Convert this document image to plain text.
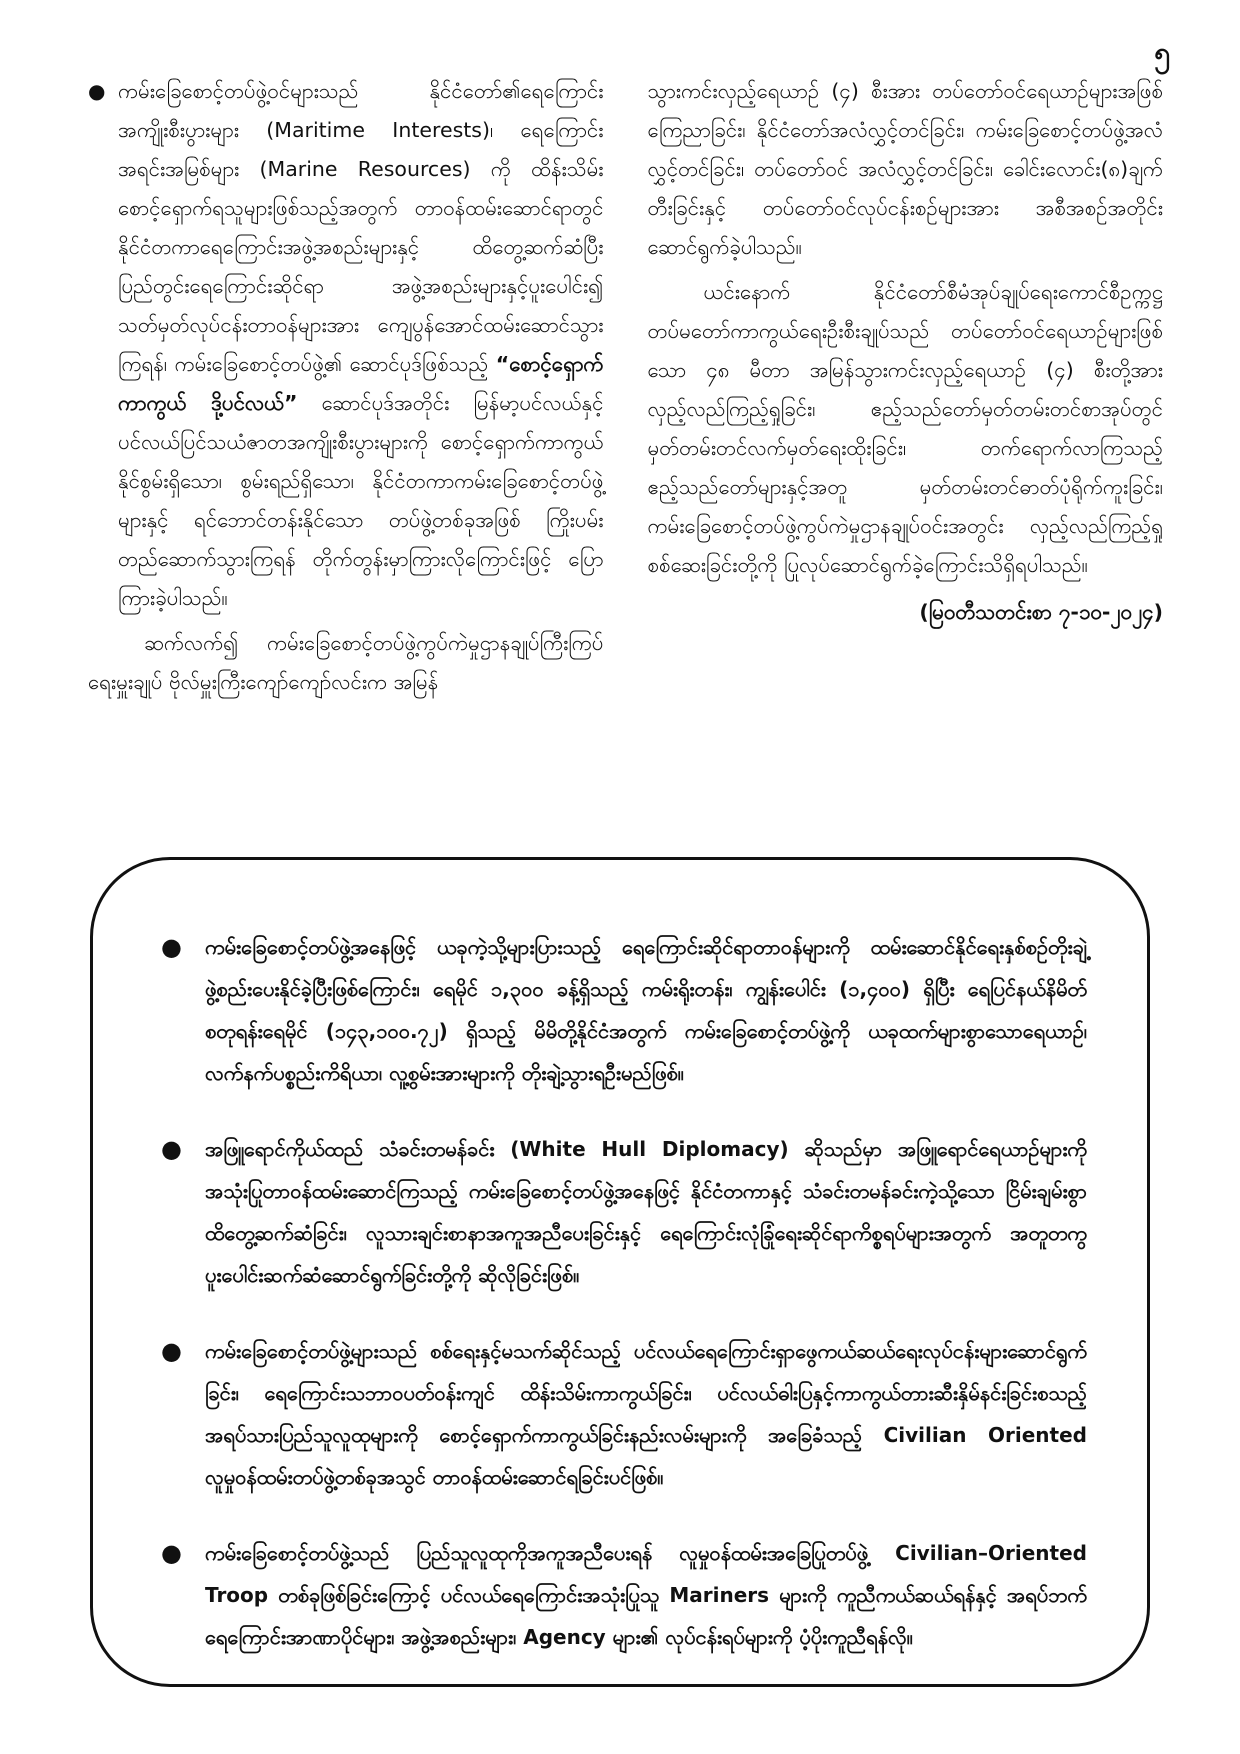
၅

● ကမ်းခြေစောင့်တပ်ဖွဲ့ဝင်များသည် နိုင်ငံတော်၏ရေကြောင်းအကျိုးစီးပွားများ (Maritime Interests)၊ ရေကြောင်းအရင်းအမြစ်များ (Marine Resources) ကို ထိန်းသိမ်းစောင့်ရှောက်ရသူများဖြစ်သည့်အတွက် တာဝန်ထမ်းဆောင်ရာတွင် နိုင်ငံတကာရေကြောင်းအဖွဲ့အစည်းများနှင့် ထိတွေ့ဆက်ဆံပြီး ပြည်တွင်းရေကြောင်းဆိုင်ရာ အဖွဲ့အစည်းများနှင့်ပူးပေါင်း၍ သတ်မှတ်လုပ်ငန်းတာဝန်များအား ကျေပွန်အောင်ထမ်းဆောင်သွားကြရန်၊ ကမ်းခြေစောင့်တပ်ဖွဲ့၏ ဆောင်ပုဒ်ဖြစ်သည့် “စောင့်ရှောက်ကာကွယ် ဒို့ပင်လယ်” ဆောင်ပုဒ်အတိုင်း မြန်မာ့ပင်လယ်နှင့် ပင်လယ်ပြင်သယံဇာတအကျိုးစီးပွားများကို စောင့်ရှောက်ကာကွယ်နိုင်စွမ်းရှိသော၊ စွမ်းရည်ရှိသော၊ နိုင်ငံတကာကမ်းခြေစောင့်တပ်ဖွဲ့များနှင့် ရင်ဘောင်တန်းနိုင်သော တပ်ဖွဲ့တစ်ခုအဖြစ် ကြိုးပမ်းတည်ဆောက်သွားကြရန် တိုက်တွန်းမှာကြားလိုကြောင်းဖြင့် ပြောကြားခဲ့ပါသည်။

ဆက်လက်၍ ကမ်းခြေစောင့်တပ်ဖွဲ့ကွပ်ကဲမှုဌာနချုပ်ကြီးကြပ်ရေးမှူးချုပ် ဗိုလ်မှူးကြီးကျော်ကျော်လင်းက အမြန်

သွားကင်းလှည့်ရေယာဉ် (၄) စီးအား တပ်တော်ဝင်ရေယာဉ်များအဖြစ် ကြေညာခြင်း၊ နိုင်ငံတော်အလံလွှင့်တင်ခြင်း၊ ကမ်းခြေစောင့်တပ်ဖွဲ့အလံလွှင့်တင်ခြင်း၊ တပ်တော်ဝင် အလံလွှင့်တင်ခြင်း၊ ခေါင်းလောင်း(၈)ချက်တီးခြင်းနှင့် တပ်တော်ဝင်လုပ်ငန်းစဉ်များအား အစီအစဉ်အတိုင်း ဆောင်ရွက်ခဲ့ပါသည်။

ယင်းနောက် နိုင်ငံတော်စီမံအုပ်ချုပ်ရေးကောင်စီဥက္ကဋ္ဌ တပ်မတော်ကာကွယ်ရေးဦးစီးချုပ်သည် တပ်တော်ဝင်ရေယာဉ်များဖြစ်သော ၄၈ မီတာ အမြန်သွားကင်းလှည့်ရေယာဉ် (၄) စီးတို့အား လှည့်လည်ကြည့်ရှုခြင်း၊ ဧည့်သည်တော်မှတ်တမ်းတင်စာအုပ်တွင် မှတ်တမ်းတင်လက်မှတ်ရေးထိုးခြင်း၊ တက်ရောက်လာကြသည့် ဧည့်သည်တော်များနှင့်အတူ မှတ်တမ်းတင်ဓာတ်ပုံရိုက်ကူးခြင်း၊ ကမ်းခြေစောင့်တပ်ဖွဲ့ကွပ်ကဲမှုဌာနချုပ်ဝင်းအတွင်း လှည့်လည်ကြည့်ရှုစစ်ဆေးခြင်းတို့ကို ပြုလုပ်ဆောင်ရွက်ခဲ့ကြောင်းသိရှိရပါသည်။

(မြဝတီသတင်းစာ ၇-၁၀-၂၀၂၄)

● ကမ်းခြေစောင့်တပ်ဖွဲ့အနေဖြင့် ယခုကဲ့သို့များပြားသည့် ရေကြောင်းဆိုင်ရာတာဝန်များကို ထမ်းဆောင်နိုင်ရေးနှစ်စဉ်တိုးချဲ့ဖွဲ့စည်းပေးနိုင်ခဲ့ပြီးဖြစ်ကြောင်း၊ ရေမိုင် ၁,၃၀၀ ခန့်ရှိသည့် ကမ်းရိုးတန်း၊ ကျွန်းပေါင်း (၁,၄၀၀) ရှိပြီး ရေပြင်နယ်နိမိတ် စတုရန်းရေမိုင် (၁၄၃,၁၀၀.၇၂) ရှိသည့် မိမိတို့နိုင်ငံအတွက် ကမ်းခြေစောင့်တပ်ဖွဲ့ကို ယခုထက်များစွာသောရေယာဉ်၊ လက်နက်ပစ္စည်းကိရိယာ၊ လူ့စွမ်းအားများကို တိုးချဲ့သွားရဦးမည်ဖြစ်။
● အဖြူရောင်ကိုယ်ထည် သံခင်းတမန်ခင်း (White Hull Diplomacy) ဆိုသည်မှာ အဖြူရောင်ရေယာဉ်များကို အသုံးပြုတာဝန်ထမ်းဆောင်ကြသည့် ကမ်းခြေစောင့်တပ်ဖွဲ့အနေဖြင့် နိုင်ငံတကာနှင့် သံခင်းတမန်ခင်းကဲ့သို့သော ငြိမ်းချမ်းစွာထိတွေ့ဆက်ဆံခြင်း၊ လူသားချင်းစာနာအကူအညီပေးခြင်းနှင့် ရေကြောင်းလုံခြုံရေးဆိုင်ရာကိစ္စရပ်များအတွက် အတူတကွပူးပေါင်းဆက်ဆံဆောင်ရွက်ခြင်းတို့ကို ဆိုလိုခြင်းဖြစ်။
● ကမ်းခြေစောင့်တပ်ဖွဲ့များသည် စစ်ရေးနှင့်မသက်ဆိုင်သည့် ပင်လယ်ရေကြောင်းရှာဖွေကယ်ဆယ်ရေးလုပ်ငန်းများဆောင်ရွက်ခြင်း၊ ရေကြောင်းသဘာဝပတ်ဝန်းကျင် ထိန်းသိမ်းကာကွယ်ခြင်း၊ ပင်လယ်ဓါးပြနှင့်ကာကွယ်တားဆီးနှိမ်နင်းခြင်းစသည့် အရပ်သားပြည်သူလူထုများကို စောင့်ရှောက်ကာကွယ်ခြင်းနည်းလမ်းများကို အခြေခံသည့် Civilian Oriented လူမှုဝန်ထမ်းတပ်ဖွဲ့တစ်ခုအသွင် တာဝန်ထမ်းဆောင်ရခြင်းပင်ဖြစ်။
● ကမ်းခြေစောင့်တပ်ဖွဲ့သည် ပြည်သူလူထုကိုအကူအညီပေးရန် လူမှုဝန်ထမ်းအခြေပြုတပ်ဖွဲ့ Civilian–Oriented Troop တစ်ခုဖြစ်ခြင်းကြောင့် ပင်လယ်ရေကြောင်းအသုံးပြုသူ Mariners များကို ကူညီကယ်ဆယ်ရန်နှင့် အရပ်ဘက်ရေကြောင်းအာဏာပိုင်များ၊ အဖွဲ့အစည်းများ၊ Agency များ၏ လုပ်ငန်းရပ်များကို ပံ့ပိုးကူညီရန်လို။
